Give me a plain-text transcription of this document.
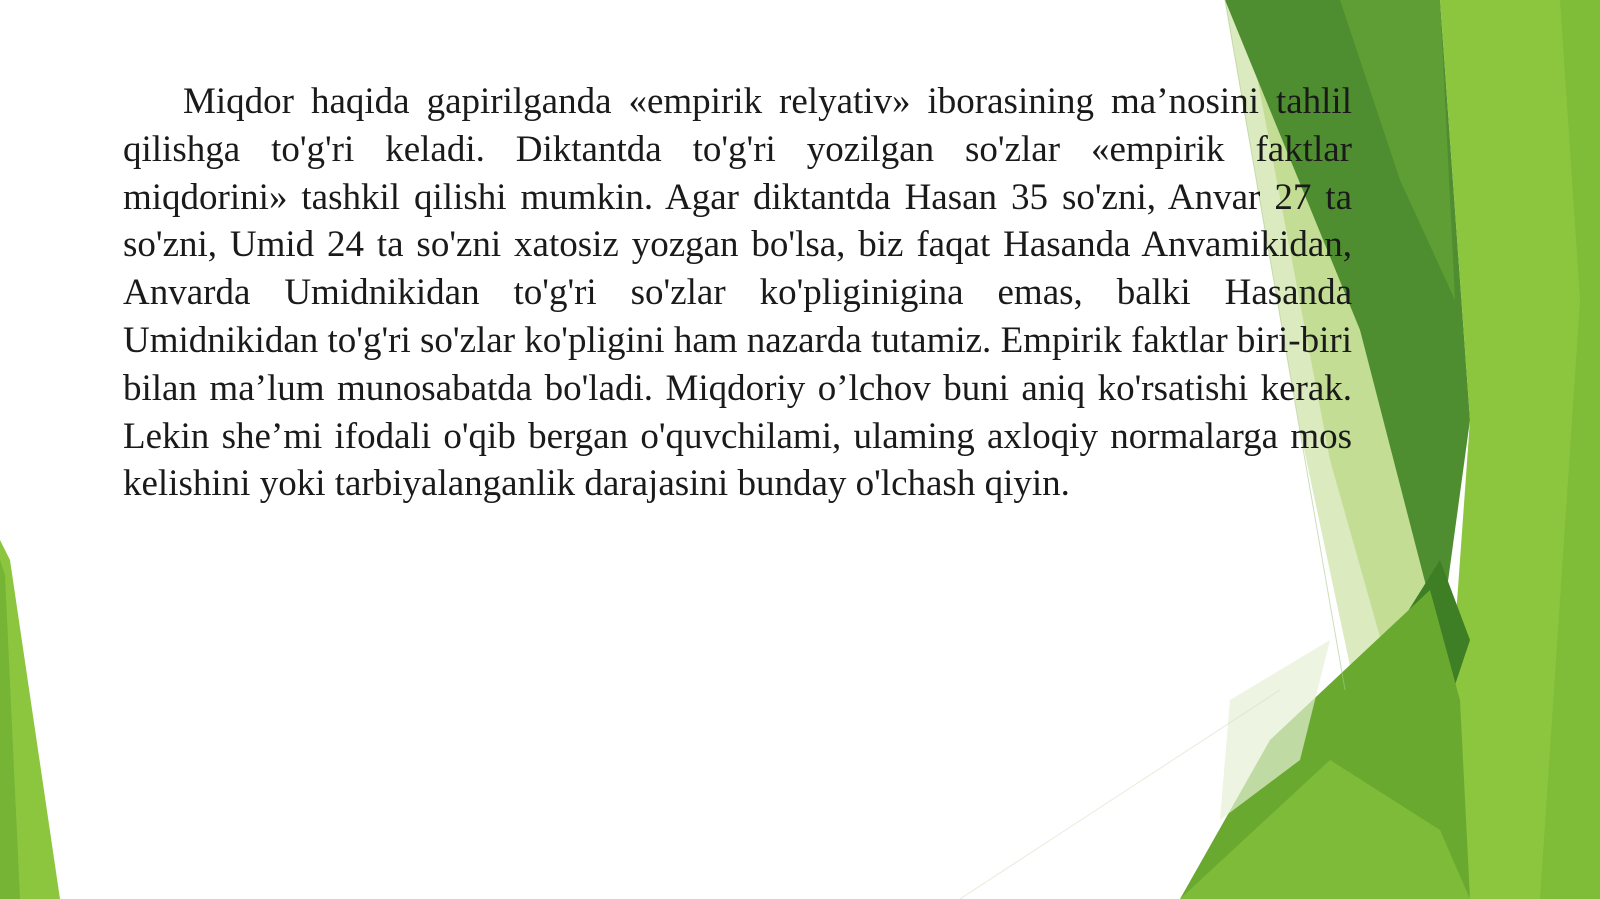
Miqdor haqida gapirilganda «empirik relyativ» iborasining ma’nosini tahlil qilishga to'g'ri keladi. Diktantda to'g'ri yozilgan so'zlar «empirik faktlar miqdorini» tashkil qilishi mumkin. Agar diktantda Hasan 35 so'zni, Anvar 27 ta so'zni, Umid 24 ta so'zni xatosiz yozgan bo'lsa, biz faqat Hasanda Anvamikidan, Anvarda Umidnikidan to'g'ri so'zlar ko'pliginigina emas, balki Hasanda Umidnikidan to'g'ri so'zlar ko'pligini ham nazarda tutamiz. Empirik faktlar biri-biri bilan ma’lum munosabatda bo'ladi. Miqdoriy o’lchov buni aniq ko'rsatishi kerak. Lekin she’mi ifodali o'qib bergan o'quvchilami, ulaming axloqiy normalarga mos kelishini yoki tarbiyalanganlik darajasini bunday o'lchash qiyin.
